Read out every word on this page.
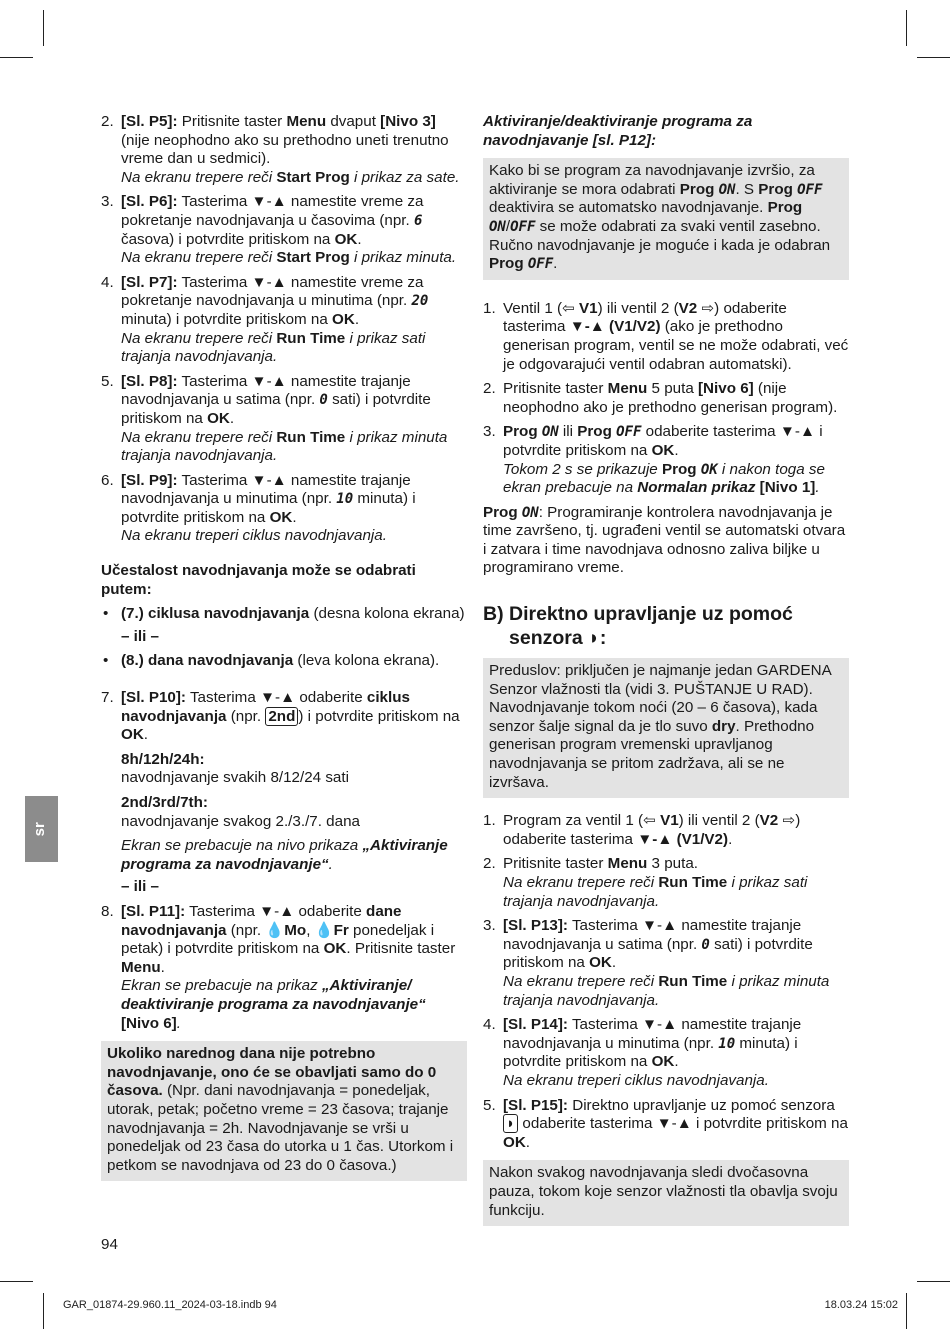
sr
2. [Sl. P5]: Pritisnite taster Menu dvaput [Nivo 3] (nije neophodno ako su prethodno uneti trenutno vreme dan u sedmici).

Na ekranu trepere reči Start Prog i prikaz za sate.

3. [Sl. P6]: Tasterima ▼-▲ namestite vreme za pokretanje navodnjavanja u časovima (npr. 6 časova) i potvrdite pritiskom na OK.

Na ekranu trepere reči Start Prog i prikaz minuta.

4. [Sl. P7]: Tasterima ▼-▲ namestite vreme za pokretanje navodnjavanja u minutima (npr. 20 minuta) i potvrdite pritiskom na OK.

Na ekranu trepere reči Run Time i prikaz sati trajanja navodnjavanja.

5. [Sl. P8]: Tasterima ▼-▲ namestite trajanje navodnjavanja u satima (npr. 0 sati) i potvrdite pritiskom na OK.

Na ekranu trepere reči Run Time i prikaz minuta trajanja navodnjavanja.

6. [Sl. P9]: Tasterima ▼-▲ namestite trajanje navodnjavanja u minutima (npr. 10 minuta) i potvrdite pritiskom na OK.

Na ekranu treperi ciklus navodnjavanja.

Učestalost navodnjavanja može se odabrati putem:

• (7.) ciklusa navodnjavanja (desna kolona ekrana)

– ili –

• (8.) dana navodnjavanja (leva kolona ekrana).

7. [Sl. P10]: Tasterima ▼-▲ odaberite ciklus navodnjavanja (npr. 2nd ) i potvrdite pritiskom na OK.

8h/12h/24h:

navodnjavanje svakih 8/12/24 sati

2nd/3rd/7th:

navodnjavanje svakog 2./3./7. dana

Ekran se prebacuje na nivo prikaza „Aktiviranje programa za navodnjavanje“.

– ili –

8. [Sl. P11]: Tasterima ▼-▲ odaberite dane navodnjavanja (npr. 💧Mo, 💧Fr ponedeljak i petak) i potvrdite pritiskom na OK. Pritisnite taster Menu.

Ekran se prebacuje na prikaz „Aktiviranje/ deaktiviranje programa za navodnjavanje“ [Nivo 6].

Ukoliko narednog dana nije potrebno navodnjavanje, ono će se obavljati samo do 0 časova. (Npr. dani navodnjavanja = ponedeljak, utorak, petak; početno vreme = 23 časova; trajanje navodnjavanja = 2h. Navodnjavanje se vrši u ponedeljak od 23 časa do utorka u 1 čas. Utorkom i petkom se navodnjava od 23 do 0 časova.)

94

Aktiviranje/deaktiviranje programa za navodnjavanje [sl. P12]:

Kako bi se program za navodnjavanje izvršio, za aktiviranje se mora odabrati Prog ON. S Prog OFF deaktivira se automatsko navodnjavanje. Prog ON/OFF se može odabrati za svaki ventil zasebno. Ručno navodnjavanje je moguće i kada je odabran Prog OFF.

1. Ventil 1 (⇦ V1) ili ventil 2 (V2 ⇨) odaberite tasterima ▼-▲ (V1/V2) (ako je prethodno generisan program, ventil se ne može odabrati, već je odgovarajući ventil odabran automatski).

2. Pritisnite taster Menu 5 puta [Nivo 6] (nije neophodno ako je prethodno generisan program).

3. Prog ON ili Prog OFF odaberite tasterima ▼-▲ i potvrdite pritiskom na OK.

Tokom 2 s se prikazuje Prog OK i nakon toga se ekran prebacuje na Normalan prikaz [Nivo 1].

Prog ON: Programiranje kontrolera navodnjavanja je time završeno, tj. ugrađeni ventil se automatski otvara i zatvara i time navodnjava odnosno zaliva biljke u programirano vreme.

B) Direktno upravljanje uz pomoć

senzora ◗:

Preduslov: priključen je najmanje jedan GARDENA Senzor vlažnosti tla (vidi 3. PUŠTANJE U RAD). Navodnjavanje tokom noći (20 – 6 časova), kada senzor šalje signal da je tlo suvo dry. Prethodno generisan program vremenski upravljanog navodnjavanja se pritom zadržava, ali se ne izvršava.

1. Program za ventil 1 (⇦ V1) ili ventil 2 (V2 ⇨) odaberite tasterima ▼-▲ (V1/V2).

2. Pritisnite taster Menu 3 puta.

Na ekranu trepere reči Run Time i prikaz sati trajanja navodnjavanja.

3. [Sl. P13]: Tasterima ▼-▲ namestite trajanje navodnjavanja u satima (npr. 0 sati) i potvrdite pritiskom na OK.

Na ekranu trepere reči Run Time i prikaz minuta trajanja navodnjavanja.

4. [Sl. P14]: Tasterima ▼-▲ namestite trajanje navodnjavanja u minutima (npr. 10 minuta) i potvrdite pritiskom na OK.

Na ekranu treperi ciklus navodnjavanja.

5. [Sl. P15]: Direktno upravljanje uz pomoć senzora ◗ odaberite tasterima ▼-▲ i potvrdite pritiskom na OK.

Nakon svakog navodnjavanja sledi dvočasovna pauza, tokom koje senzor vlažnosti tla obavlja svoju funkciju.

GAR_01874-29.960.11_2024-03-18.indb 94	18.03.24 15:02
